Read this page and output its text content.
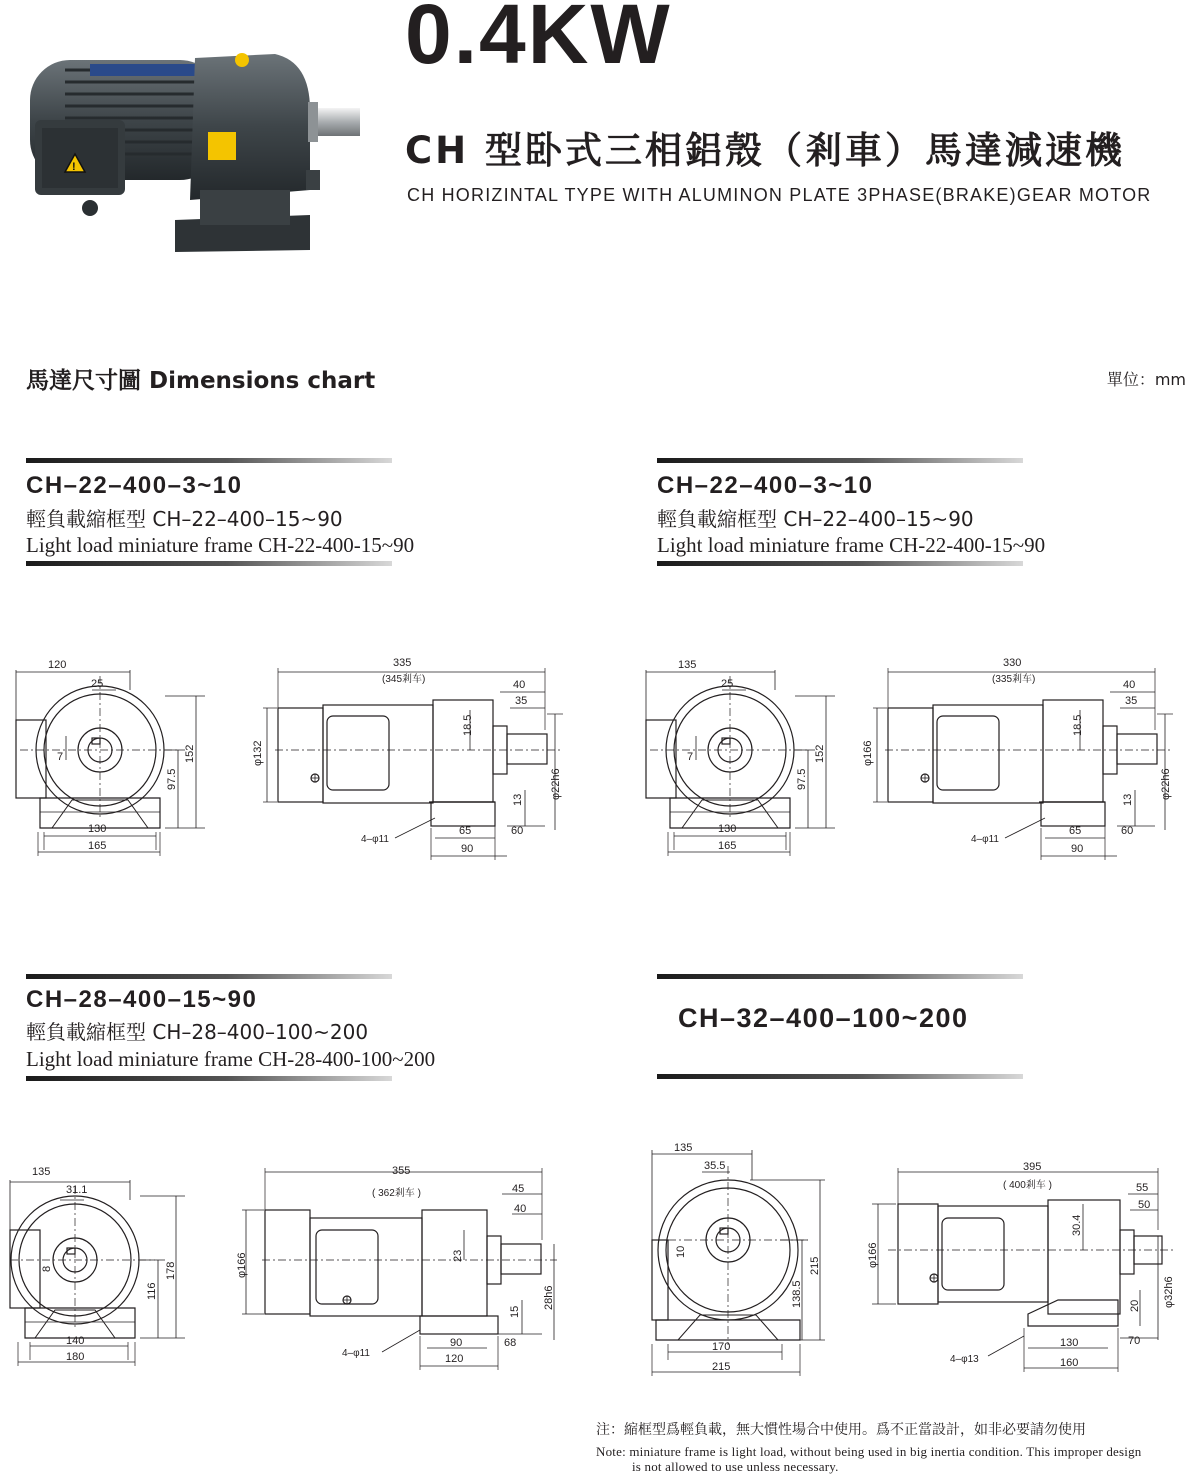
!
0.4KW
CH 型卧式三相鋁殼（剎車）馬達減速機
CH HORIZINTAL TYPE WITH ALUMINON PLATE 3PHASE(BRAKE)GEAR MOTOR
馬達尺寸圖 Dimensions chart	單位：mm
CH–22–400–3~10
輕負載縮框型 CH–22–400–15~90
Light load miniature frame CH-22-400-15~90
CH–22–400–3~10
輕負載縮框型 CH–22–400–15~90
Light load miniature frame CH-22-400-15~90
CH–28–400–15~90
輕負載縮框型 CH–28–400–100~200
Light load miniature frame CH-28-400-100~200
CH–32–400–100~200
120
25
7
97.5
152
130
165
335
(345剎车)	40
35
φ132
18.5
13 φ22h6
4–φ11
65	60
90
135
25
7
97.5
152
130
165
330
(335剎车)	40
35
φ166
18.5
13 φ22h6
4–φ11
65	60
90
135
31.1
8
116
178
140
180
355
( 362剎车 )	45
40
φ166	23
15
28h6
4–φ11
90	68
120
135
35.5
10
138.5
215
170
215
395
( 400剎车 )	55
50
φ166
30.4
20 φ32h6
4–φ13
130	70
160
注：縮框型爲輕負載，無大慣性場合中使用。爲不正當設計，如非必要請勿使用
Note: miniature frame is light load, without being used in big inertia condition. This improper design
is not allowed to use unless necessary.
